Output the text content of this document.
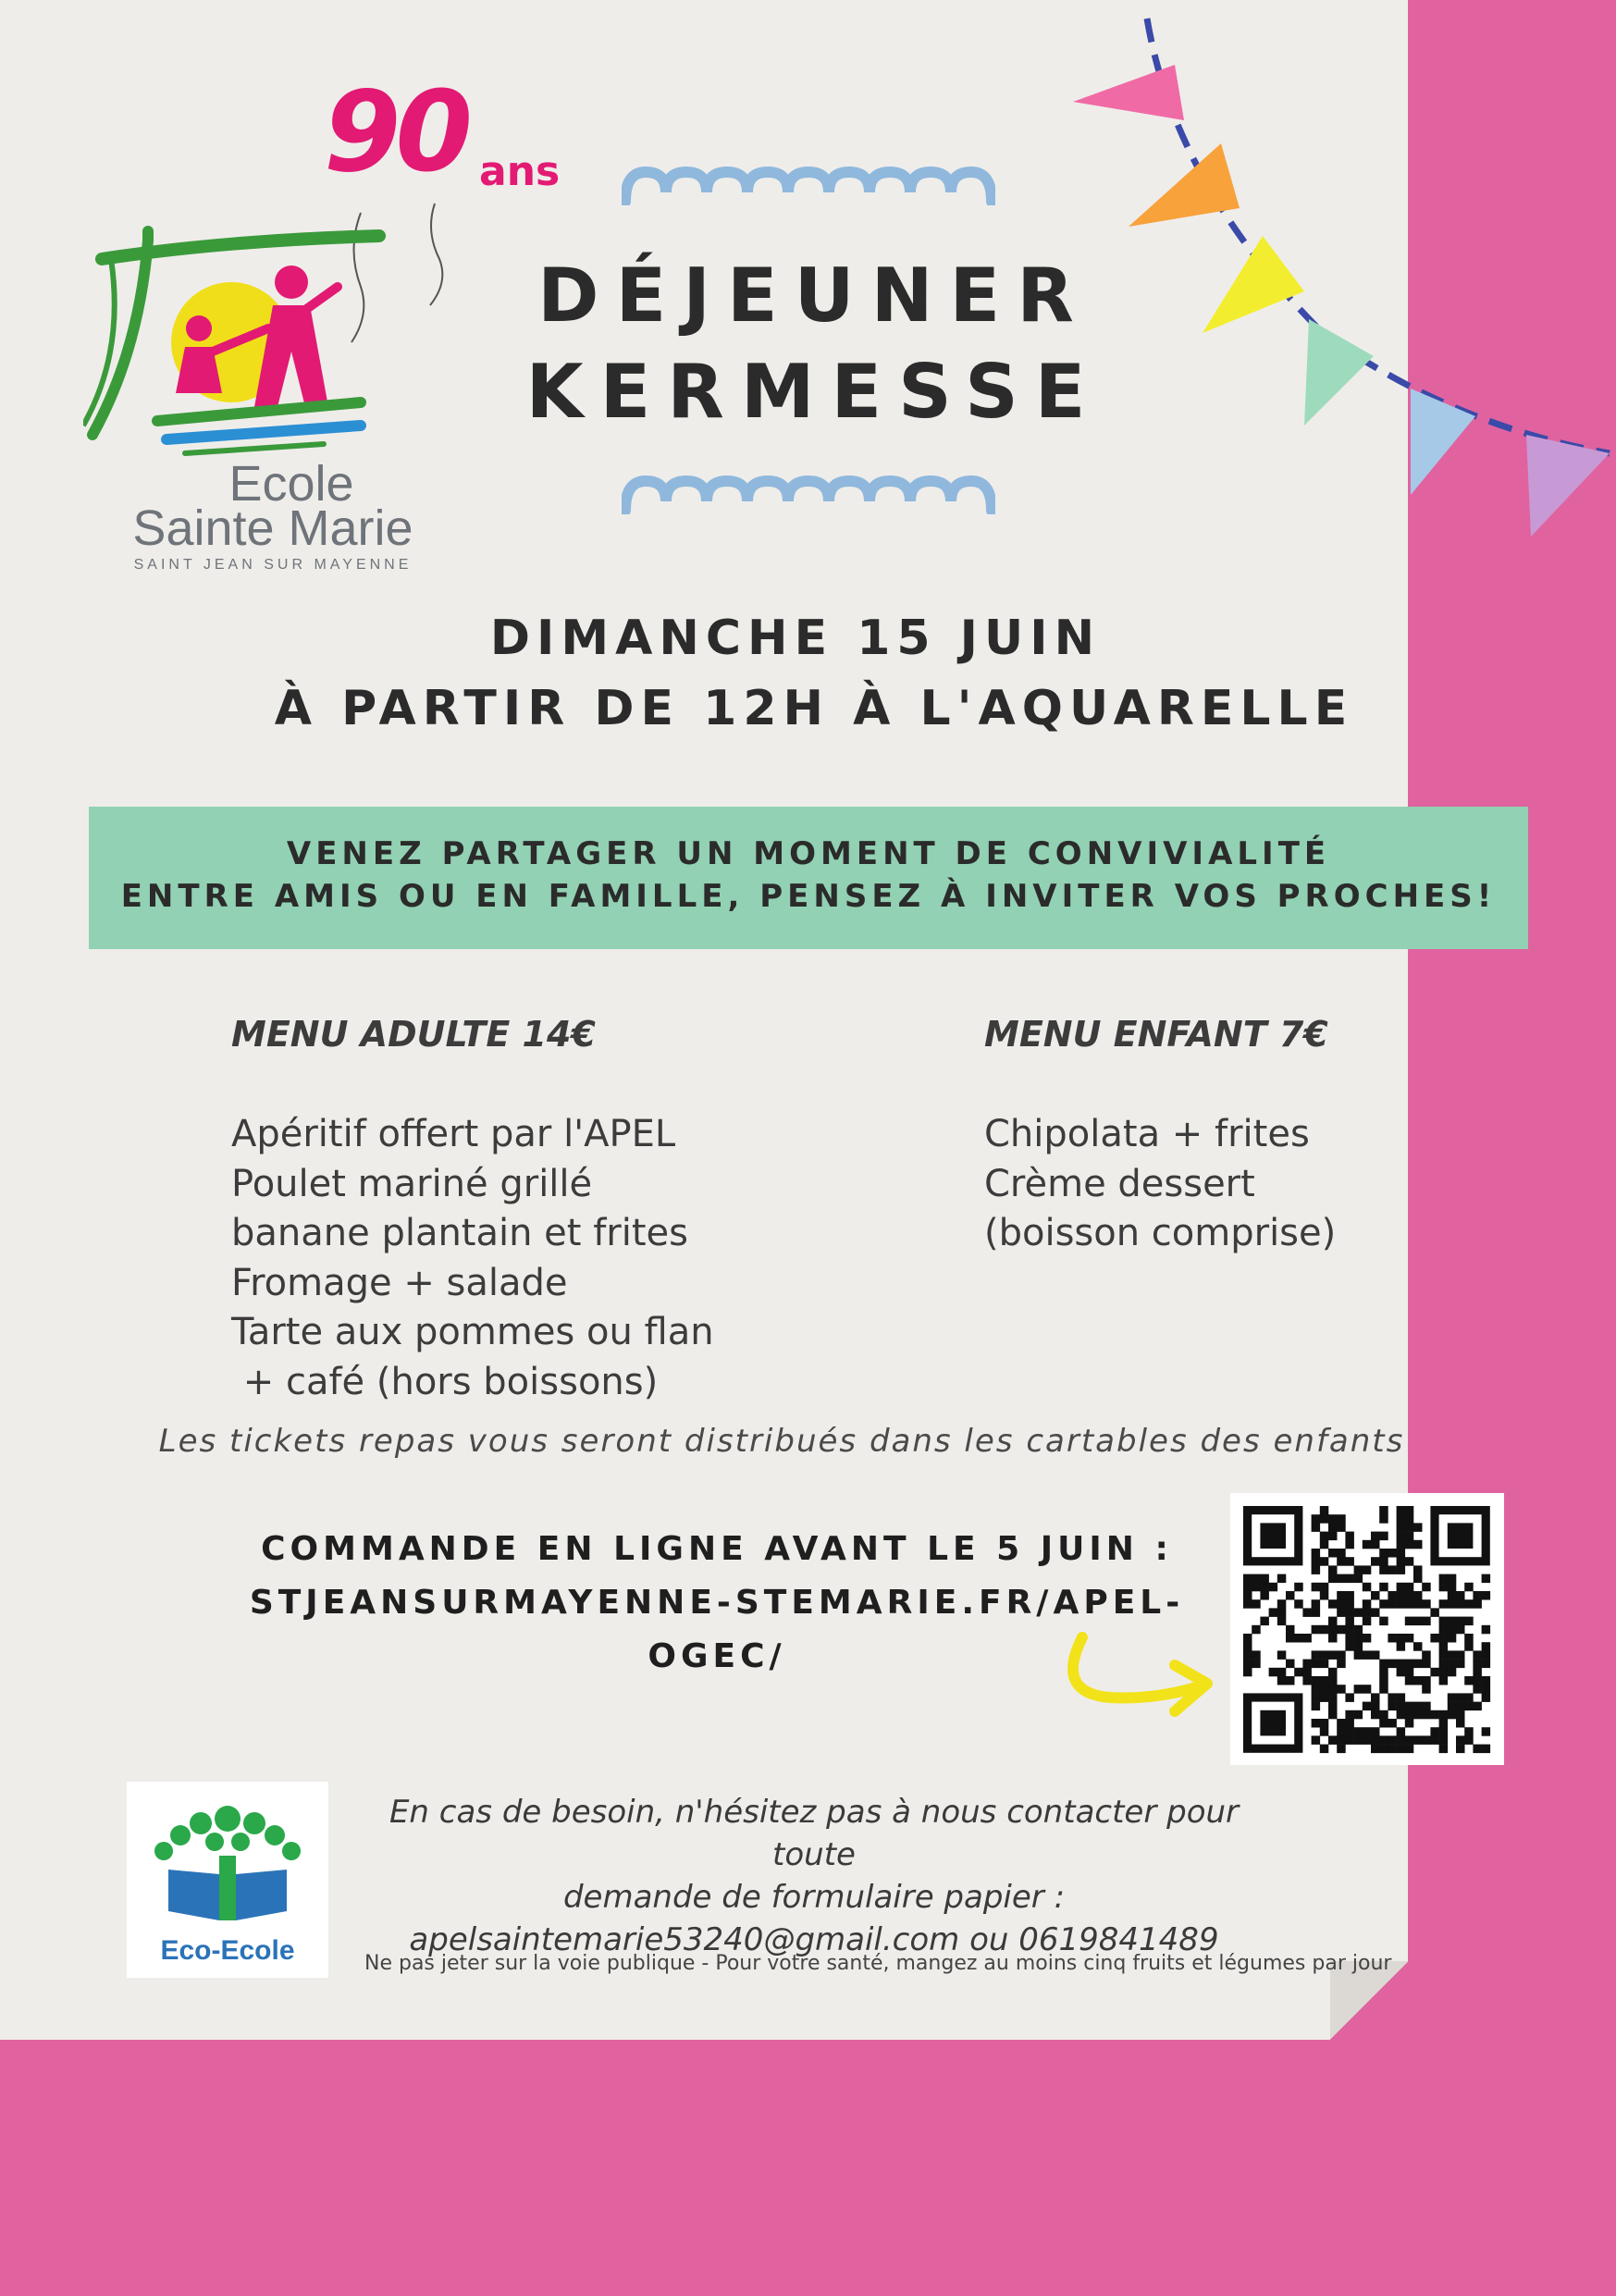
90 ans
Ecole
Sainte Marie
SAINT JEAN SUR MAYENNE
DÉJEUNER
KERMESSE
DIMANCHE 15 JUIN
À PARTIR DE 12H À L'AQUARELLE
VENEZ PARTAGER UN MOMENT DE CONVIVIALITÉ
ENTRE AMIS OU EN FAMILLE, PENSEZ À INVITER VOS PROCHES!
MENU ADULTE 14€
Apéritif offert par l'APEL
Poulet mariné grillé
banane plantain et frites
Fromage + salade
Tarte aux pommes ou flan
+ café (hors boissons)
MENU ENFANT 7€
Chipolata + frites
Crème dessert
(boisson comprise)
Les tickets repas vous seront distribués dans les cartables des enfants
COMMANDE EN LIGNE AVANT LE 5 JUIN :
STJEANSURMAYENNE-STEMARIE.FR/APEL-OGEC/
Eco-Ecole
En cas de besoin, n'hésitez pas à nous contacter pour toute
demande de formulaire papier :
apelsaintemarie53240@gmail.com ou 0619841489
Ne pas jeter sur la voie publique - Pour votre santé, mangez au moins cinq fruits et légumes par jour
